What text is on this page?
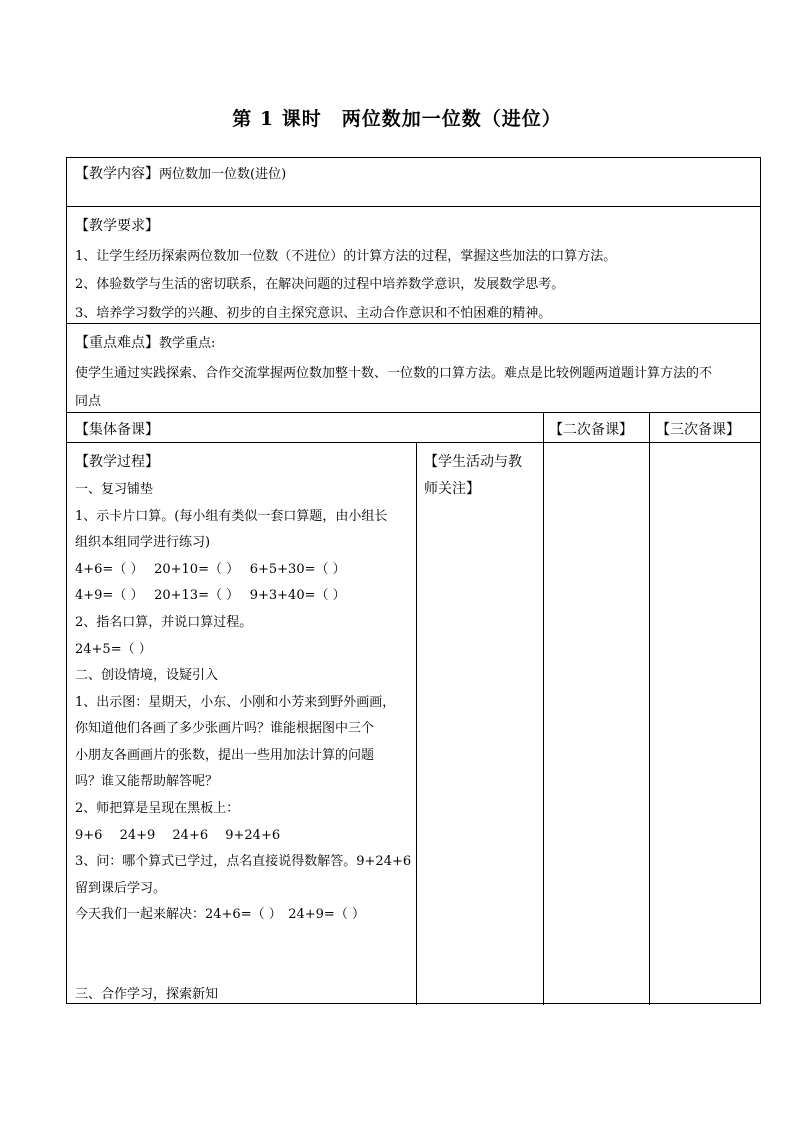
第 1 课时　两位数加一位数（进位）
【教学内容】两位数加一位数(进位)
【教学要求】
1、让学生经历探索两位数加一位数（不进位）的计算方法的过程，掌握这些加法的口算方法。
2、体验数学与生活的密切联系，在解决问题的过程中培养数学意识，发展数学思考。
3、培养学习数学的兴趣、初步的自主探究意识、主动合作意识和不怕困难的精神。
【重点难点】教学重点:
使学生通过实践探索、合作交流掌握两位数加整十数、一位数的口算方法。难点是比较例题两道题计算方法的不
同点
【集体备课】	【二次备课】 【三次备课】
【教学过程】
一、复习铺垫
1、示卡片口算。(每小组有类似一套口算题，由小组长
组织本组同学进行练习)
4+6=（ ）　 20+10=（ ）　 6+5+30=（ ）
4+9=（ ）　 20+13=（ ）　 9+3+40=（ ）
2、指名口算，并说口算过程。
24+5=（ ）
二、创设情境，设疑引入
1、出示图：星期天，小东、小刚和小芳来到野外画画，
你知道他们各画了多少张画片吗？谁能根据图中三个
小朋友各画画片的张数，提出一些用加法计算的问题
吗？谁又能帮助解答呢？
2、师把算是呈现在黑板上：
9+6　 24+9　 24+6　 9+24+6
3、问：哪个算式已学过，点名直接说得数解答。9+24+6
留到课后学习。
今天我们一起来解决：24+6=（ ）　24+9=（ ）
三、合作学习，探索新知
【学生活动与教
师关注】
